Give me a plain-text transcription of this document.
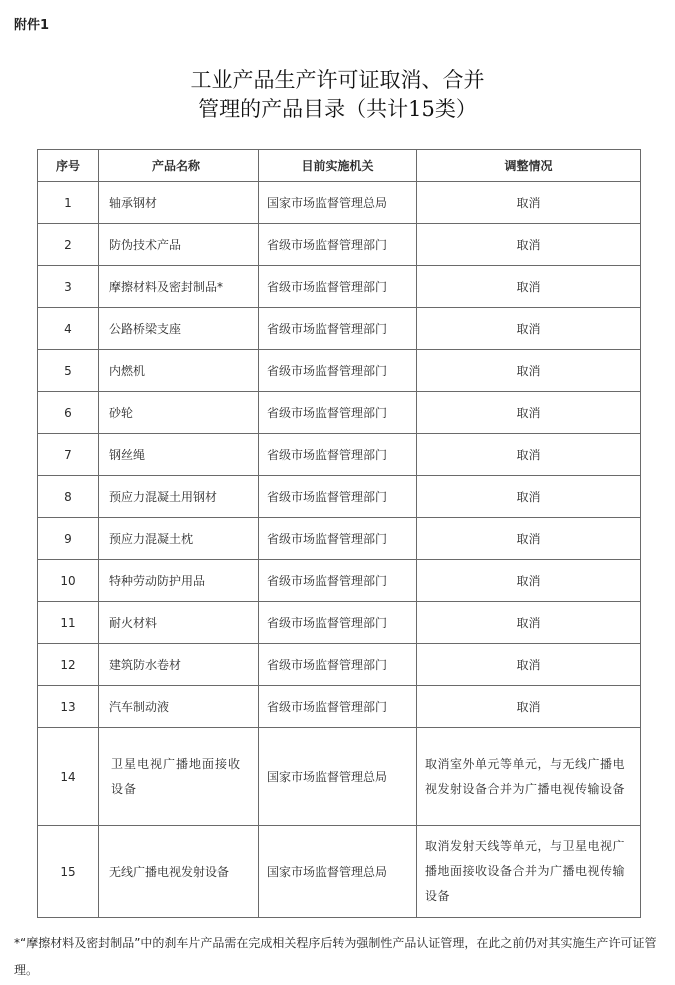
附件1
工业产品生产许可证取消、合并
管理的产品目录（共计15类）
序号	产品名称	目前实施机关	调整情况
1	轴承钢材	国家市场监督管理总局	取消
2	防伪技术产品	省级市场监督管理部门	取消
3	摩擦材料及密封制品*	省级市场监督管理部门	取消
4	公路桥梁支座	省级市场监督管理部门	取消
5	内燃机	省级市场监督管理部门	取消
6	砂轮	省级市场监督管理部门	取消
7	钢丝绳	省级市场监督管理部门	取消
8	预应力混凝土用钢材	省级市场监督管理部门	取消
9	预应力混凝土枕	省级市场监督管理部门	取消
10	特种劳动防护用品	省级市场监督管理部门	取消
11	耐火材料	省级市场监督管理部门	取消
12	建筑防水卷材	省级市场监督管理部门	取消
13	汽车制动液	省级市场监督管理部门	取消
14	卫星电视广播地面接收设备	国家市场监督管理总局	取消室外单元等单元，与无线广播电视发射设备合并为广播电视传输设备
15	无线广播电视发射设备	国家市场监督管理总局	取消发射天线等单元，与卫星电视广播地面接收设备合并为广播电视传输设备
*“摩擦材料及密封制品”中的刹车片产品需在完成相关程序后转为强制性产品认证管理，在此之前仍对其实施生产许可证管理。
